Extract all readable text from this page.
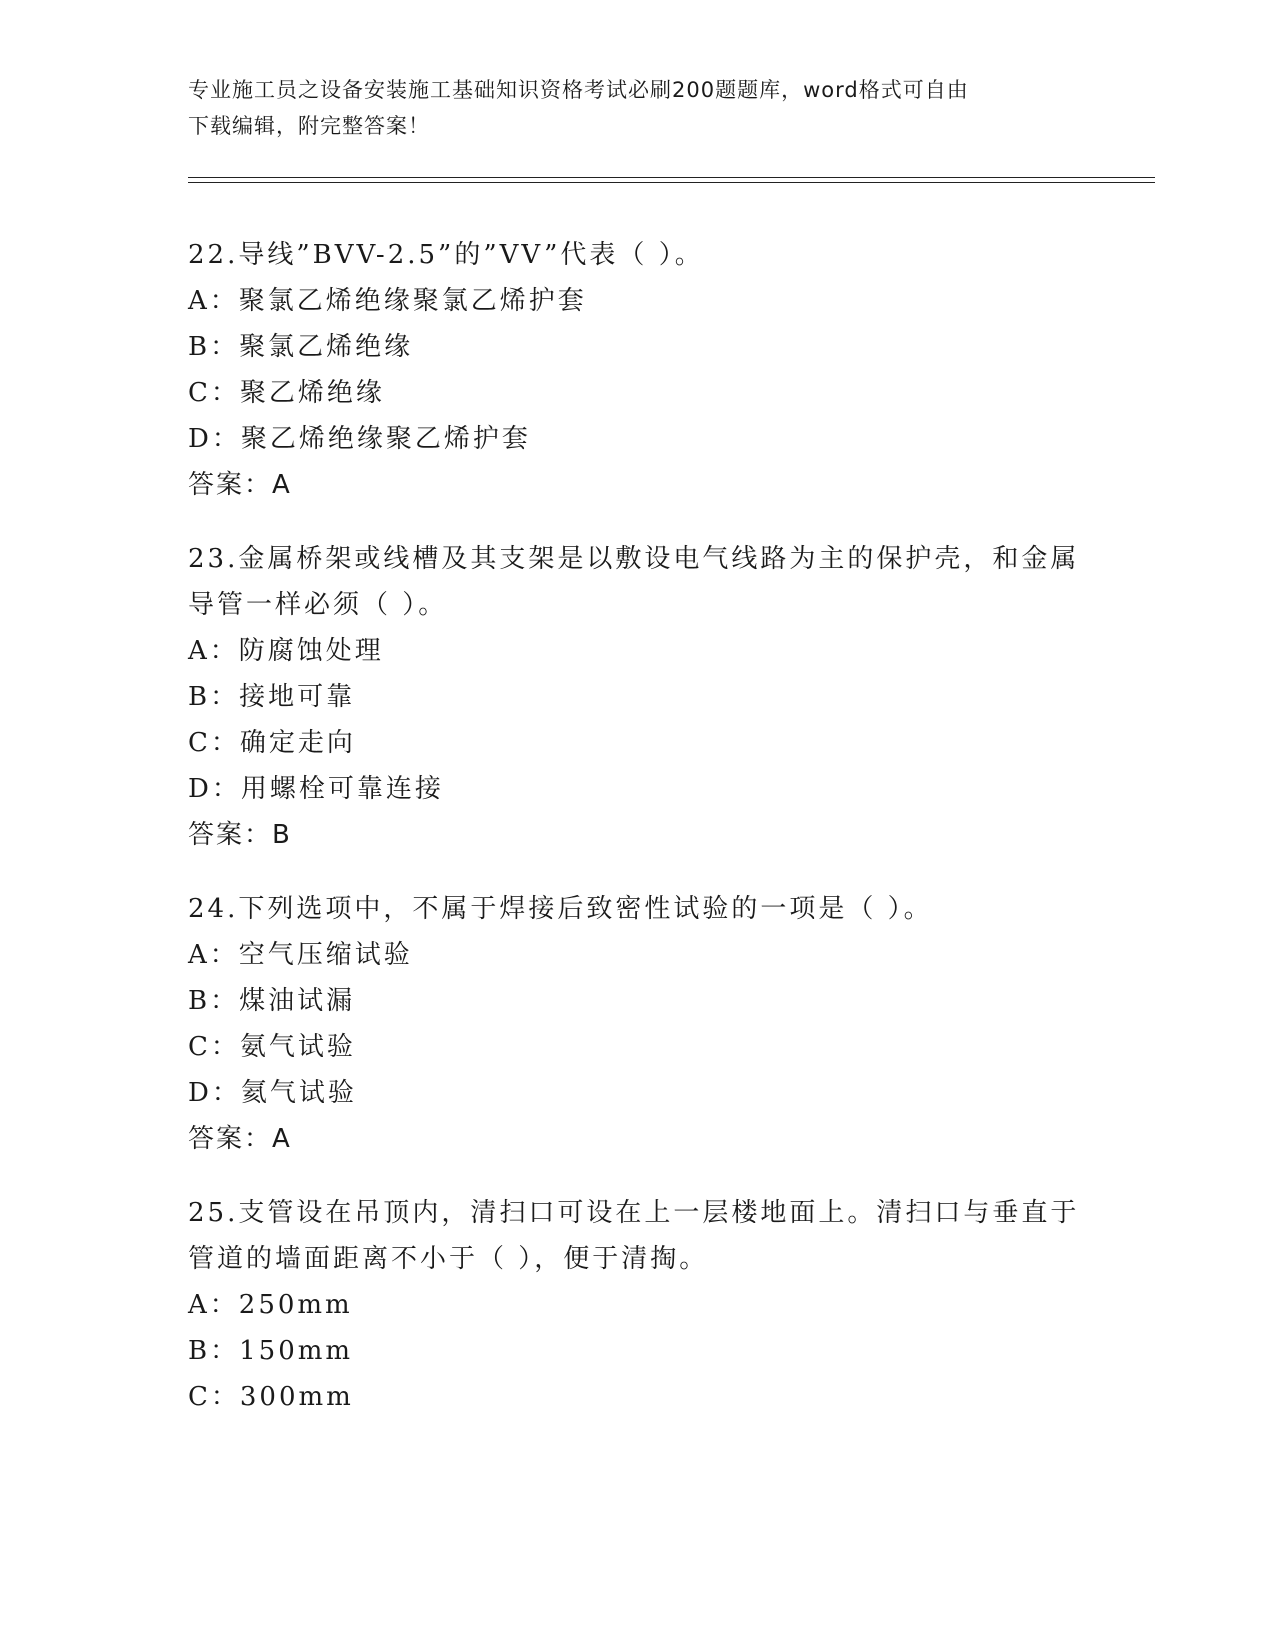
专业施工员之设备安装施工基础知识资格考试必刷200题题库，word格式可自由
下载编辑，附完整答案！

22.导线”BVV-2.5”的”VV”代表（ ）。

A：聚氯乙烯绝缘聚氯乙烯护套

B：聚氯乙烯绝缘

C：聚乙烯绝缘

D：聚乙烯绝缘聚乙烯护套

答案：A

23.金属桥架或线槽及其支架是以敷设电气线路为主的保护壳，和金属

导管一样必须（ ）。

A：防腐蚀处理

B：接地可靠

C：确定走向

D：用螺栓可靠连接

答案：B

24.下列选项中，不属于焊接后致密性试验的一项是（ ）。

A：空气压缩试验

B：煤油试漏

C：氨气试验

D：氦气试验

答案：A

25.支管设在吊顶内，清扫口可设在上一层楼地面上。清扫口与垂直于

管道的墙面距离不小于（ ），便于清掏。

A：250mm

B：150mm

C：300mm
